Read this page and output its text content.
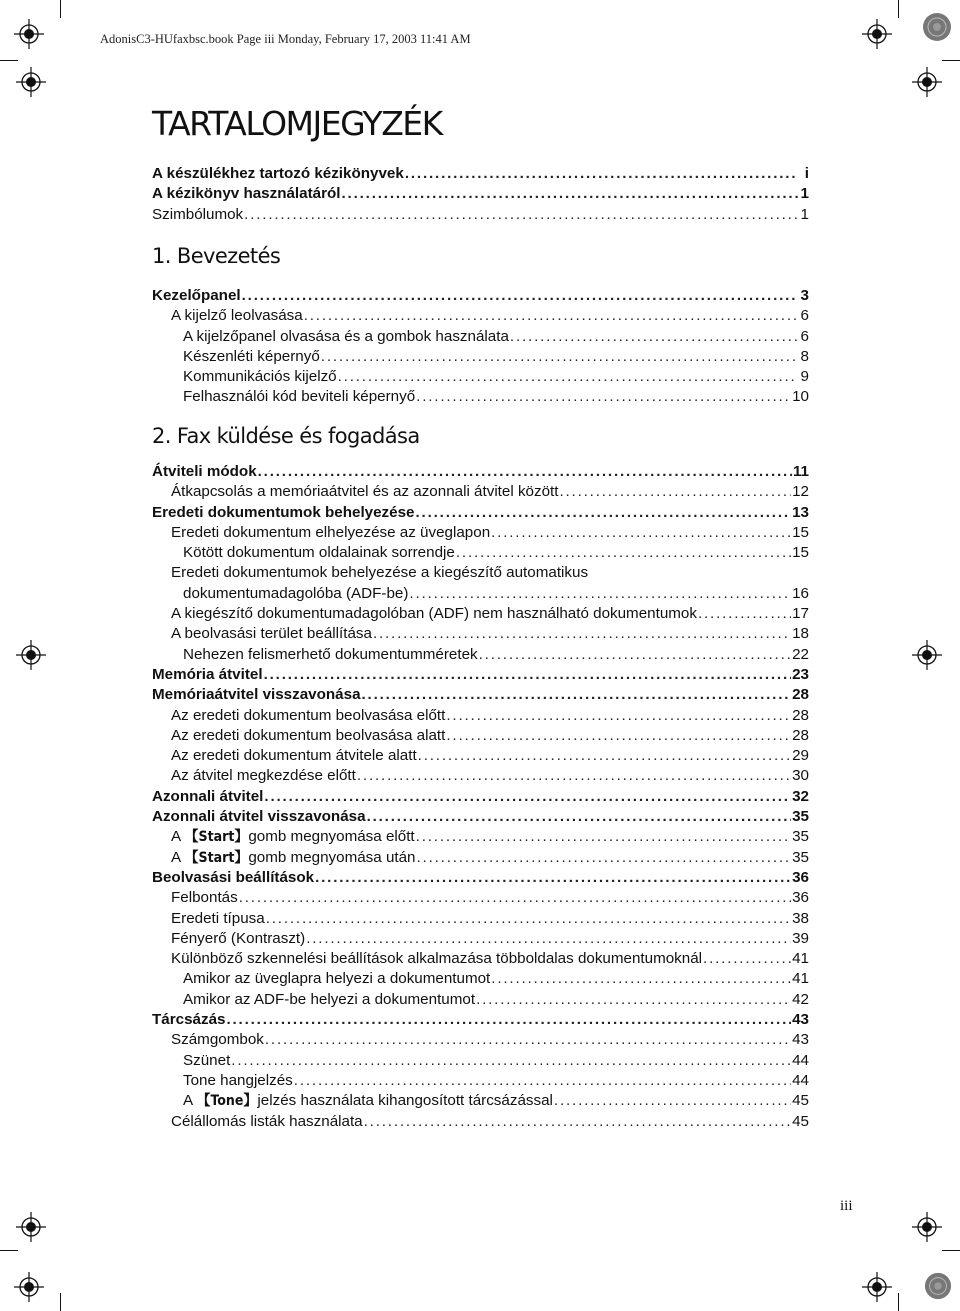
AdonisC3-HUfaxbsc.book Page iii Monday, February 17, 2003 11:41 AM
TARTALOMJEGYZÉK
A készülékhez tartozó kézikönyvek . . .	i
A kézikönyv használatáról . . .	1
Szimbólumok . . .	1
1. Bevezetés
Kezelőpanel . . .	3
A kijelző leolvasása . . .	6
A kijelzőpanel olvasása és a gombok használata . . .	6
Készenléti képernyő . . .	8
Kommunikációs kijelző . . .	9
Felhasználói kód beviteli képernyő . . .	10
2. Fax küldése és fogadása
Átviteli módok . . .	11
Átkapcsolás a memóriaátvitel és az azonnali átvitel között . . .	12
Eredeti dokumentumok behelyezése . . .	13
Eredeti dokumentum elhelyezése az üveglapon . . .	15
Kötött dokumentum oldalainak sorrendje . . .	15
Eredeti dokumentumok behelyezése a kiegészítő automatikus
dokumentumadagolóba (ADF-be) . . .	16
A kiegészítő dokumentumadagolóban (ADF) nem használható dokumentumok . . .	17
A beolvasási terület beállítása . . .	18
Nehezen felismerhető dokumentumméretek . . .	22
Memória átvitel . . .	23
Memóriaátvitel visszavonása . . .	28
Az eredeti dokumentum beolvasása előtt . . .	28
Az eredeti dokumentum beolvasása alatt . . .	28
Az eredeti dokumentum átvitele alatt . . .	29
Az átvitel megkezdése előtt . . .	30
Azonnali átvitel . . .	32
Azonnali átvitel visszavonása . . .	35
A 【Start】gomb megnyomása előtt . . .	35
A 【Start】gomb megnyomása után . . .	35
Beolvasási beállítások . . .	36
Felbontás . . .	36
Eredeti típusa . . .	38
Fényerő (Kontraszt) . . .	39
Különböző szkennelési beállítások alkalmazása többoldalas dokumentumoknál . . .	41
Amikor az üveglapra helyezi a dokumentumot . . .	41
Amikor az ADF-be helyezi a dokumentumot . . .	42
Tárcsázás . . .	43
Számgombok . . .	43
Szünet . . .	44
Tone hangjelzés . . .	44
A 【Tone】jelzés használata kihangosított tárcsázással . . .	45
Célállomás listák használata . . .	45
iii
